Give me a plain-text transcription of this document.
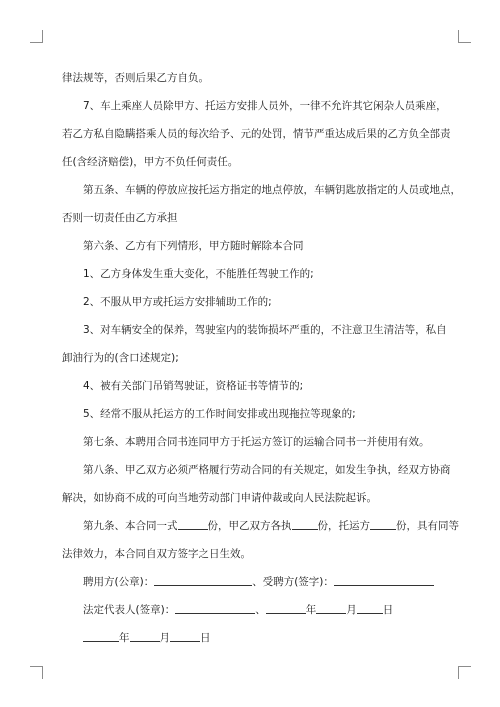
律法规等，否则后果乙方自负。
7、车上乘座人员除甲方、托运方安排人员外，一律不允许其它闲杂人员乘座，
若乙方私自隐瞒搭乘人员的每次给予、元的处罚，情节严重达成后果的乙方负全部责
任(含经济赔偿)，甲方不负任何责任。
第五条、车辆的停放应按托运方指定的地点停放，车辆钥匙放指定的人员或地点，
否则一切责任由乙方承担
第六条、乙方有下列情形，甲方随时解除本合同
1、乙方身体发生重大变化，不能胜任驾驶工作的;
2、不服从甲方或托运方安排辅助工作的;
3、对车辆安全的保养，驾驶室内的装饰损坏严重的，不注意卫生清洁等，私自
卸油行为的(含口述规定);
4、被有关部门吊销驾驶证，资格证书等情节的;
5、经常不服从托运方的工作时间安排或出现拖拉等现象的;
第七条、本聘用合同书连同甲方于托运方签订的运输合同书一并使用有效。
第八条、甲乙双方必须严格履行劳动合同的有关规定，如发生争执，经双方协商
解决，如协商不成的可向当地劳动部门申请仲裁或向人民法院起诉。
第九条、本合同一式	份，甲乙双方各执 份，托运方 份，具有同等
法律效力，本合同自双方签字之日生效。
聘用方(公章)：	、受聘方(签字)：
法定代表人(签章)：	、	年	月 日
年	月	日
